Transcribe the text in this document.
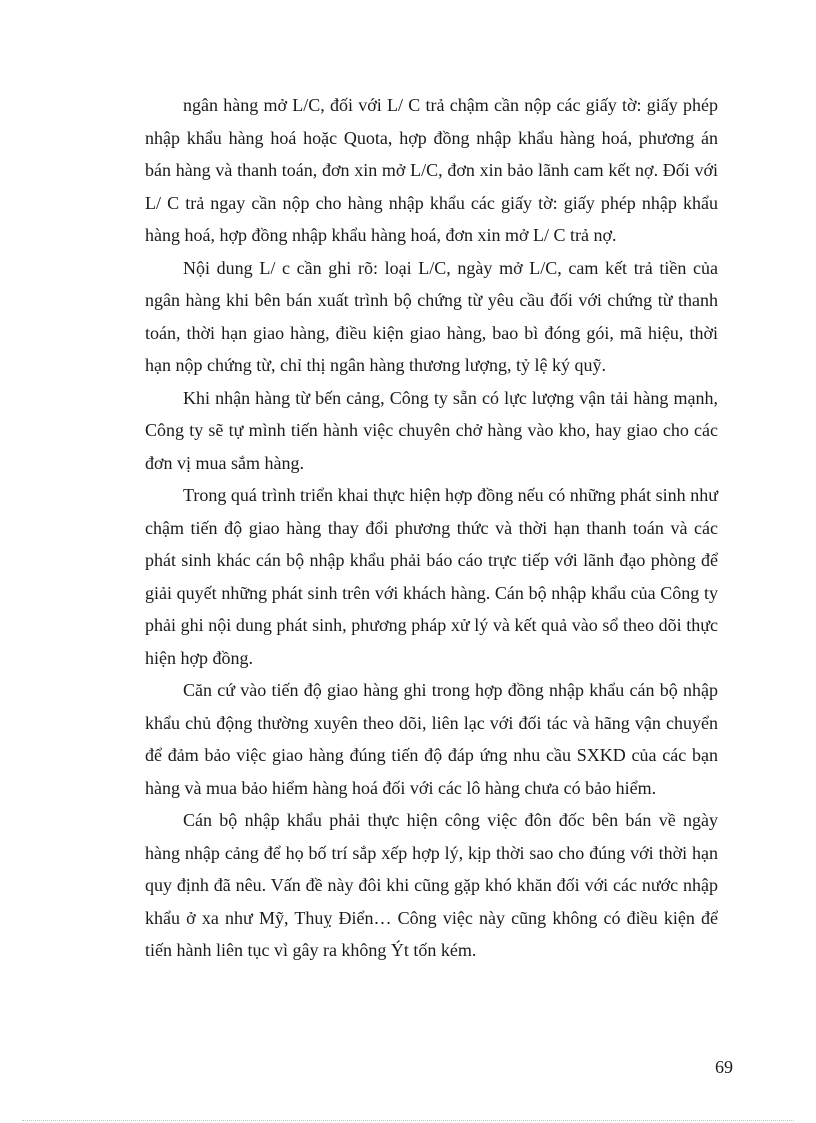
ngân hàng mở L/C, đối với L/ C trả chậm cần nộp các giấy tờ: giấy phép nhập khẩu hàng hoá hoặc Quota, hợp đồng nhập khẩu hàng hoá, phương án bán hàng và thanh toán, đơn xin mở L/C, đơn xin bảo lãnh cam kết nợ. Đối với L/ C trả ngay cần nộp cho hàng nhập khẩu các giấy tờ: giấy phép nhập khẩu hàng hoá, hợp đồng nhập khẩu hàng hoá, đơn xin mở L/ C trả nợ.

Nội dung L/ c cần ghi rõ: loại L/C, ngày mở L/C, cam kết trả tiền của ngân hàng khi bên bán xuất trình bộ chứng từ yêu cầu đối với chứng từ thanh toán, thời hạn giao hàng, điều kiện giao hàng, bao bì đóng gói, mã hiệu, thời hạn nộp chứng từ, chỉ thị ngân hàng thương lượng, tỷ lệ ký quỹ.

Khi nhận hàng từ bến cảng, Công ty sẵn có lực lượng vận tải hàng mạnh, Công ty sẽ tự mình tiến hành việc chuyên chở hàng vào kho, hay giao cho các đơn vị mua sắm hàng.

Trong quá trình triển khai thực hiện hợp đồng nếu có những phát sinh như chậm tiến độ giao hàng thay đổi phương thức và thời hạn thanh toán và các phát sinh khác cán bộ nhập khẩu phải báo cáo trực tiếp với lãnh đạo phòng để giải quyết những phát sinh trên với khách hàng. Cán bộ nhập khẩu của Công ty phải ghi nội dung phát sinh, phương pháp xử lý và kết quả vào sổ theo dõi thực hiện hợp đồng.

Căn cứ vào tiến độ giao hàng ghi trong hợp đồng nhập khẩu cán bộ nhập khẩu chủ động thường xuyên theo dõi, liên lạc với đối tác và hãng vận chuyển để đảm bảo việc giao hàng đúng tiến độ đáp ứng nhu cầu SXKD của các bạn hàng và mua bảo hiểm hàng hoá đối với các lô hàng chưa có bảo hiểm.

Cán bộ nhập khẩu phải thực hiện công việc đôn đốc bên bán về ngày hàng nhập cảng để họ bố trí sắp xếp hợp lý, kịp thời sao cho đúng với thời hạn quy định đã nêu. Vấn đề này đôi khi cũng gặp khó khăn đối với các nước nhập khẩu ở xa như Mỹ, Thuỵ Điển… Công việc này cũng không có điều kiện để tiến hành liên tục vì gây ra không Ýt tốn kém.

69
